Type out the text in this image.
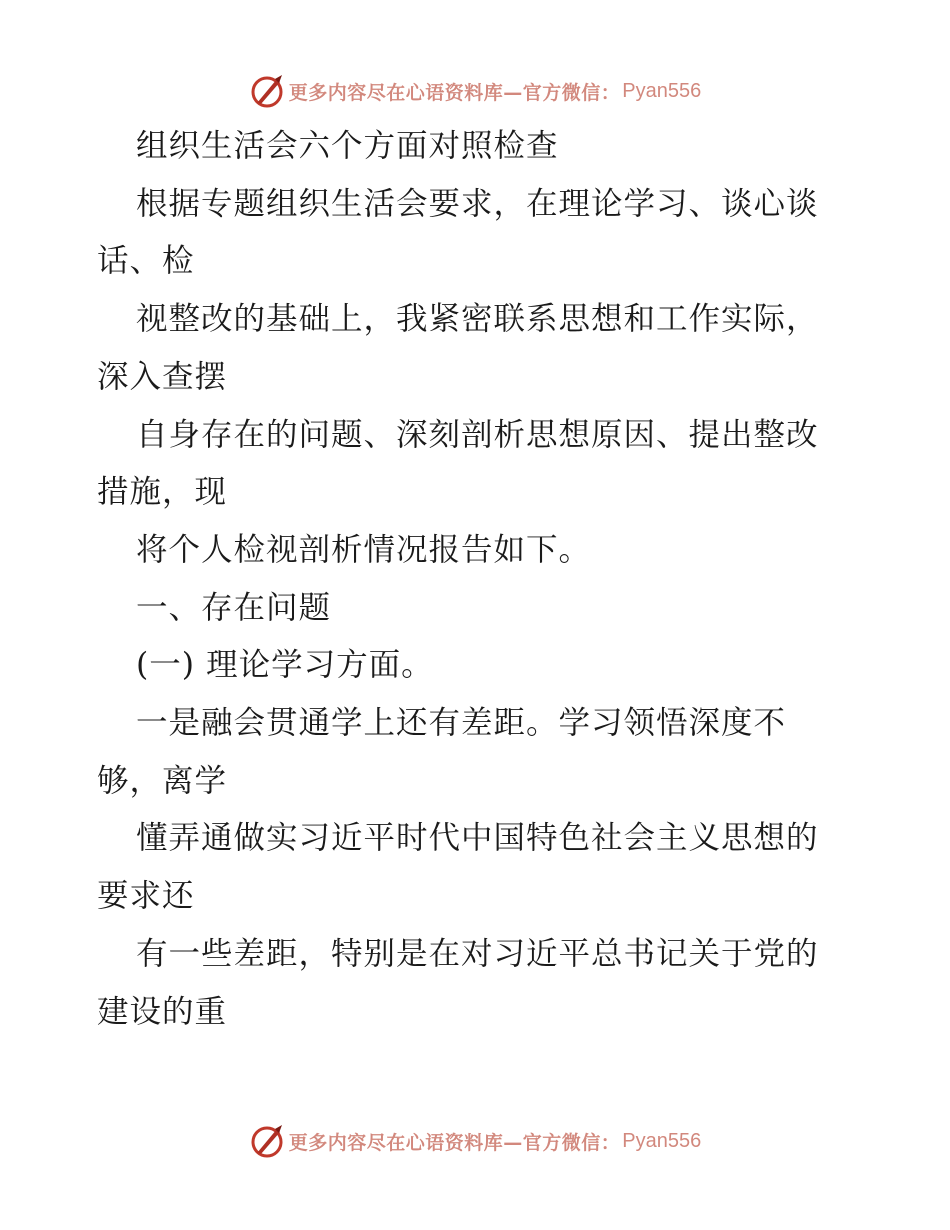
更多内容尽在心语资料库—官方微信： Pyan556
组织生活会六个方面对照检查
根据专题组织生活会要求，在理论学习、谈心谈
话、检
视整改的基础上，我紧密联系思想和工作实际，
深入查摆
自身存在的问题、深刻剖析思想原因、提出整改
措施，现
将个人检视剖析情况报告如下。
一、存在问题
(一) 理论学习方面。
一是融会贯通学上还有差距。学习领悟深度不
够，离学
懂弄通做实习近平时代中国特色社会主义思想的
要求还
有一些差距，特别是在对习近平总书记关于党的
建设的重
更多内容尽在心语资料库—官方微信： Pyan556
